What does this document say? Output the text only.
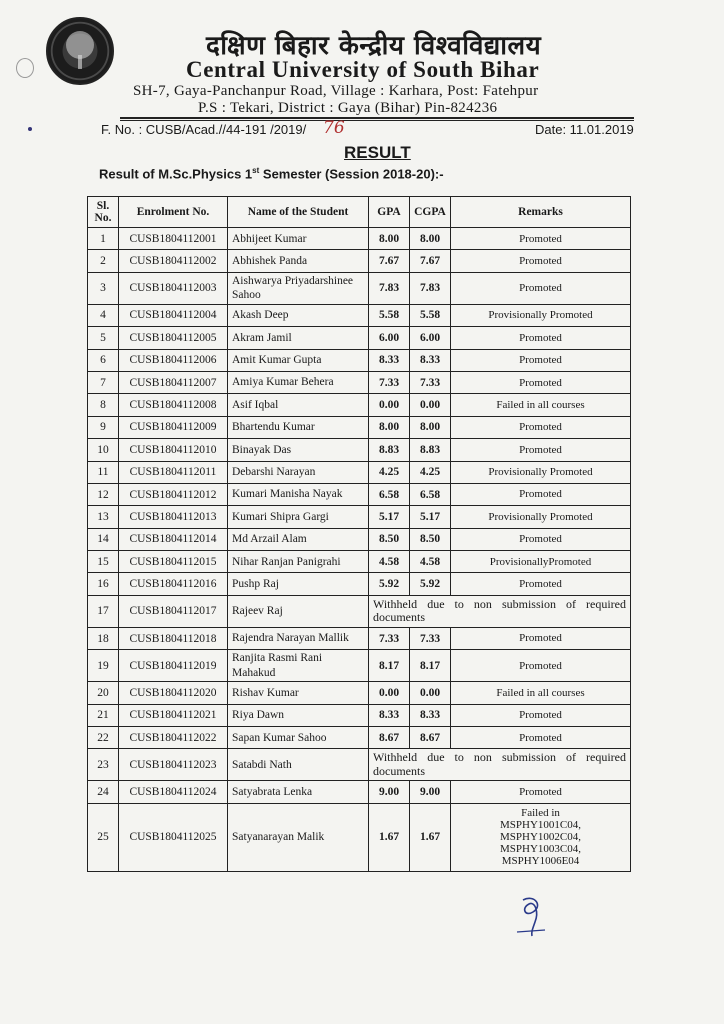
दक्षिण बिहार केन्द्रीय विश्वविद्यालय
Central University of South Bihar
SH-7, Gaya-Panchanpur Road, Village : Karhara, Post: Fatehpur
P.S : Tekari, District : Gaya (Bihar) Pin-824236
F. No. : CUSB/Acad.//44-191 /2019/ 76	Date: 11.01.2019
RESULT
Result of M.Sc.Physics 1st Semester (Session 2018-20):-
Sl. No.	Enrolment No.	Name of the Student	GPA	CGPA	Remarks
1	CUSB1804112001	Abhijeet Kumar	8.00	8.00	Promoted
2	CUSB1804112002	Abhishek Panda	7.67	7.67	Promoted
3	CUSB1804112003	Aishwarya Priyadarshinee Sahoo	7.83	7.83	Promoted
4	CUSB1804112004	Akash Deep	5.58	5.58	Provisionally Promoted
5	CUSB1804112005	Akram Jamil	6.00	6.00	Promoted
6	CUSB1804112006	Amit Kumar Gupta	8.33	8.33	Promoted
7	CUSB1804112007	Amiya Kumar Behera	7.33	7.33	Promoted
8	CUSB1804112008	Asif Iqbal	0.00	0.00	Failed in all courses
9	CUSB1804112009	Bhartendu Kumar	8.00	8.00	Promoted
10	CUSB1804112010	Binayak Das	8.83	8.83	Promoted
11	CUSB1804112011	Debarshi Narayan	4.25	4.25	Provisionally Promoted
12	CUSB1804112012	Kumari Manisha Nayak	6.58	6.58	Promoted
13	CUSB1804112013	Kumari Shipra Gargi	5.17	5.17	Provisionally Promoted
14	CUSB1804112014	Md Arzail Alam	8.50	8.50	Promoted
15	CUSB1804112015	Nihar Ranjan Panigrahi	4.58	4.58	ProvisionallyPromoted
16	CUSB1804112016	Pushp Raj	5.92	5.92	Promoted
17	CUSB1804112017	Rajeev Raj	Withheld due to non submission of required documents		
18	CUSB1804112018	Rajendra Narayan Mallik	7.33	7.33	Promoted
19	CUSB1804112019	Ranjita Rasmi Rani Mahakud	8.17	8.17	Promoted
20	CUSB1804112020	Rishav Kumar	0.00	0.00	Failed in all courses
21	CUSB1804112021	Riya Dawn	8.33	8.33	Promoted
22	CUSB1804112022	Sapan Kumar Sahoo	8.67	8.67	Promoted
23	CUSB1804112023	Satabdi Nath	Withheld due to non submission of required documents		
24	CUSB1804112024	Satyabrata Lenka	9.00	9.00	Promoted
25	CUSB1804112025	Satyanarayan Malik	1.67	1.67	Failed in
MSPHY1001C04,
MSPHY1002C04,
MSPHY1003C04,
MSPHY1006E04
